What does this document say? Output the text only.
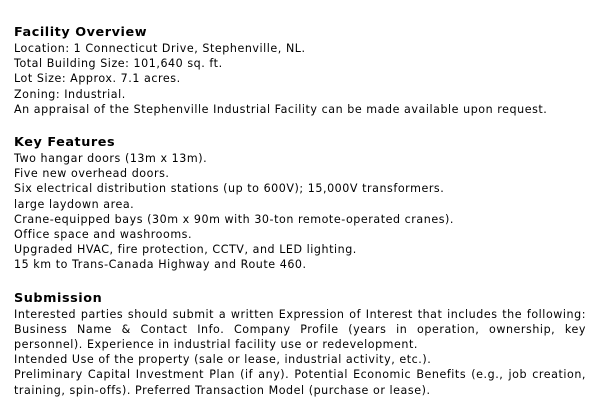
Facility Overview

Location: 1 Connecticut Drive, Stephenville, NL.

Total Building Size: 101,640 sq. ft.

Lot Size: Approx. 7.1 acres.

Zoning: Industrial.

An appraisal of the Stephenville Industrial Facility can be made available upon request.

Key Features

Two hangar doors (13m x 13m).

Five new overhead doors.

Six electrical distribution stations (up to 600V); 15,000V transformers.

large laydown area.

Crane-equipped bays (30m x 90m with 30-ton remote-operated cranes).

Office space and washrooms.

Upgraded HVAC, fire protection, CCTV, and LED lighting.

15 km to Trans-Canada Highway and Route 460.

Submission

Interested parties should submit a written Expression of Interest that includes the following: Business Name & Contact Info. Company Profile (years in operation, ownership, key personnel). Experience in industrial facility use or redevelopment.

Intended Use of the property (sale or lease, industrial activity, etc.).

Preliminary Capital Investment Plan (if any). Potential Economic Benefits (e.g., job creation, training, spin-offs). Preferred Transaction Model (purchase or lease).
